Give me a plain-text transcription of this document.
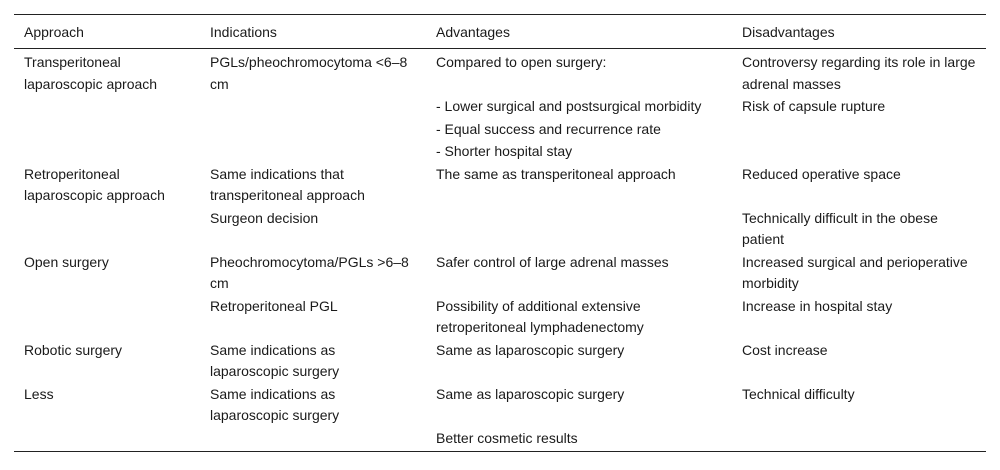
Approach	Indications	Advantages	Disadvantages

Transperitoneal laparoscopic aproach	PGLs/pheochromocytoma <6–8 cm	Compared to open surgery:	Controversy regarding its role in large adrenal masses

		- Lower surgical and postsurgical morbidity	Risk of capsule rupture
		- Equal success and recurrence rate	
		- Shorter hospital stay	
Retroperitoneal laparoscopic approach	Same indications that transperitoneal approach	The same as transperitoneal approach	Reduced operative space
	Surgeon decision		Technically difficult in the obese patient
Open surgery	Pheochromocytoma/PGLs >6–8 cm	Safer control of large adrenal masses	Increased surgical and perioperative morbidity
	Retroperitoneal PGL	Possibility of additional extensive retroperitoneal lymphadenectomy	Increase in hospital stay
Robotic surgery	Same indications as laparoscopic surgery	Same as laparoscopic surgery	Cost increase
Less	Same indications as laparoscopic surgery	Same as laparoscopic surgery	Technical difficulty
		Better cosmetic results	
